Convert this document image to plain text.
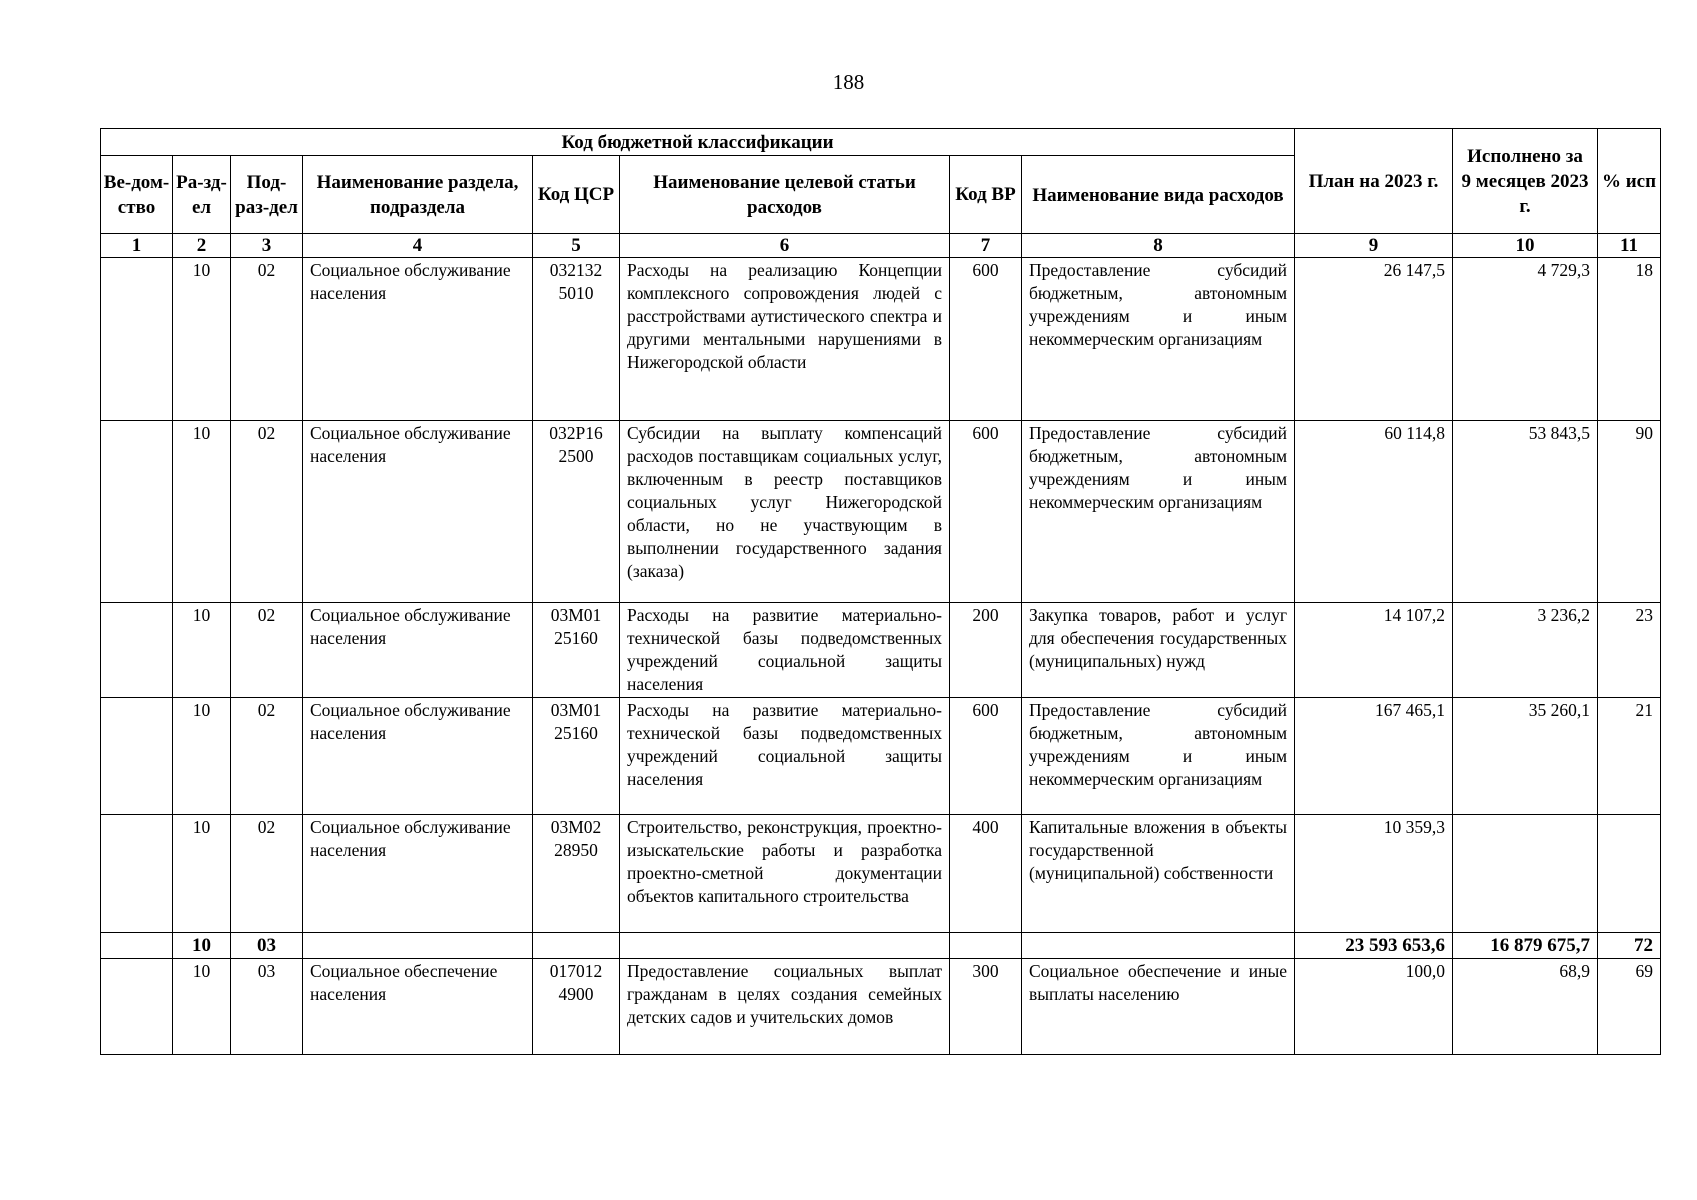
188
Код бюджетной классификации								План на 2023 г.	Исполнено за 9 месяцев 2023 г.	% исп
Ве-дом-ство	Ра-зд-ел	Под-раз-дел	Наименование раздела, подраздела	Код ЦСР	Наименование целевой статьи расходов	Код ВР	Наименование вида расходов			
1	2	3	4	5	6	7	8	9	10	11
	10	02	Социальное обслуживание населения	032132 5010	Расходы на реализацию Концепции комплексного сопровождения людей с расстройствами аутистического спектра и другими ментальными нарушениями в Нижегородской области	600	Предоставление субсидий бюджетным, автономным учреждениям и иным некоммерческим организациям	26 147,5	4 729,3	18
	10	02	Социальное обслуживание населения	032Р16 2500	Субсидии на выплату компенсаций расходов поставщикам социальных услуг, включенным в реестр поставщиков социальных услуг Нижегородской области, но не участвующим в выполнении государственного задания (заказа)	600	Предоставление субсидий бюджетным, автономным учреждениям и иным некоммерческим организациям	60 114,8	53 843,5	90
	10	02	Социальное обслуживание населения	03М01 25160	Расходы на развитие материально-технической базы подведомственных учреждений социальной защиты населения	200	Закупка товаров, работ и услуг для обеспечения государственных (муниципальных) нужд	14 107,2	3 236,2	23
	10	02	Социальное обслуживание населения	03М01 25160	Расходы на развитие материально-технической базы подведомственных учреждений социальной защиты населения	600	Предоставление субсидий бюджетным, автономным учреждениям и иным некоммерческим организациям	167 465,1	35 260,1	21
	10	02	Социальное обслуживание населения	03М02 28950	Строительство, реконструкция, проектно-изыскательские работы и разработка проектно-сметной документации объектов капитального строительства	400	Капитальные вложения в объекты государственной (муниципальной) собственности	10 359,3		
	10	03						23 593 653,6	16 879 675,7	72
	10	03	Социальное обеспечение населения	017012 4900	Предоставление социальных выплат гражданам в целях создания семейных детских садов и учительских домов	300	Социальное обеспечение и иные выплаты населению	100,0	68,9	69
